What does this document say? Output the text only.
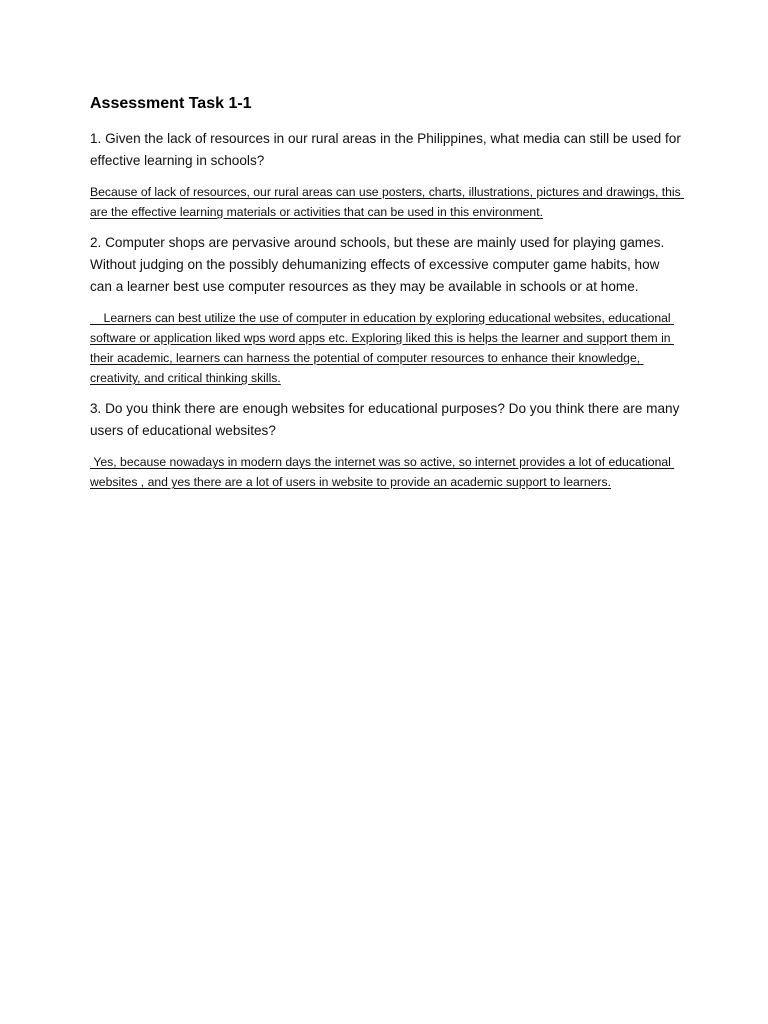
Assessment Task 1-1

1. Given the lack of resources in our rural areas in the Philippines, what media can still be used for effective learning in schools?

Because of lack of resources, our rural areas can use posters, charts, illustrations, pictures and drawings, this are the effective learning materials or activities that can be used in this environment.

2. Computer shops are pervasive around schools, but these are mainly used for playing games. Without judging on the possibly dehumanizing effects of excessive computer game habits, how can a learner best use computer resources as they may be available in schools or at home.

Learners can best utilize the use of computer in education by exploring educational websites, educational software or application liked wps word apps etc. Exploring liked this is helps the learner and support them in their academic, learners can harness the potential of computer resources to enhance their knowledge, creativity, and critical thinking skills.

3. Do you think there are enough websites for educational purposes? Do you think there are many users of educational websites?

Yes, because nowadays in modern days the internet was so active, so internet provides a lot of educational websites , and yes there are a lot of users in website to provide an academic support to learners.
